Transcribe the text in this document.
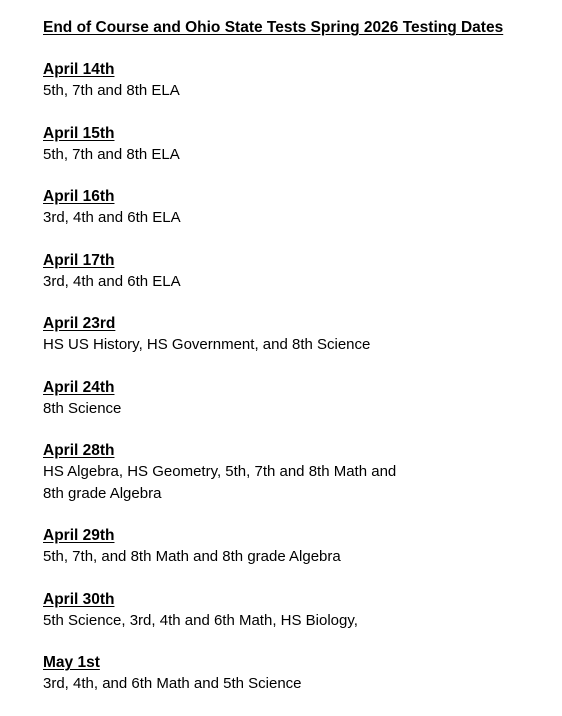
End of Course and Ohio State Tests Spring 2026 Testing Dates
April 14th
5th, 7th and 8th ELA
April 15th
5th, 7th and 8th ELA
April 16th
3rd, 4th and 6th ELA
April 17th
3rd, 4th and 6th ELA
April 23rd
HS US History, HS Government, and 8th Science
April 24th
8th Science
April 28th
HS Algebra, HS Geometry, 5th, 7th and 8th Math and
8th grade Algebra
April 29th
5th, 7th, and 8th Math and 8th grade Algebra
April 30th
5th Science, 3rd, 4th and 6th Math, HS Biology,
May 1st
3rd, 4th, and 6th Math and 5th Science
